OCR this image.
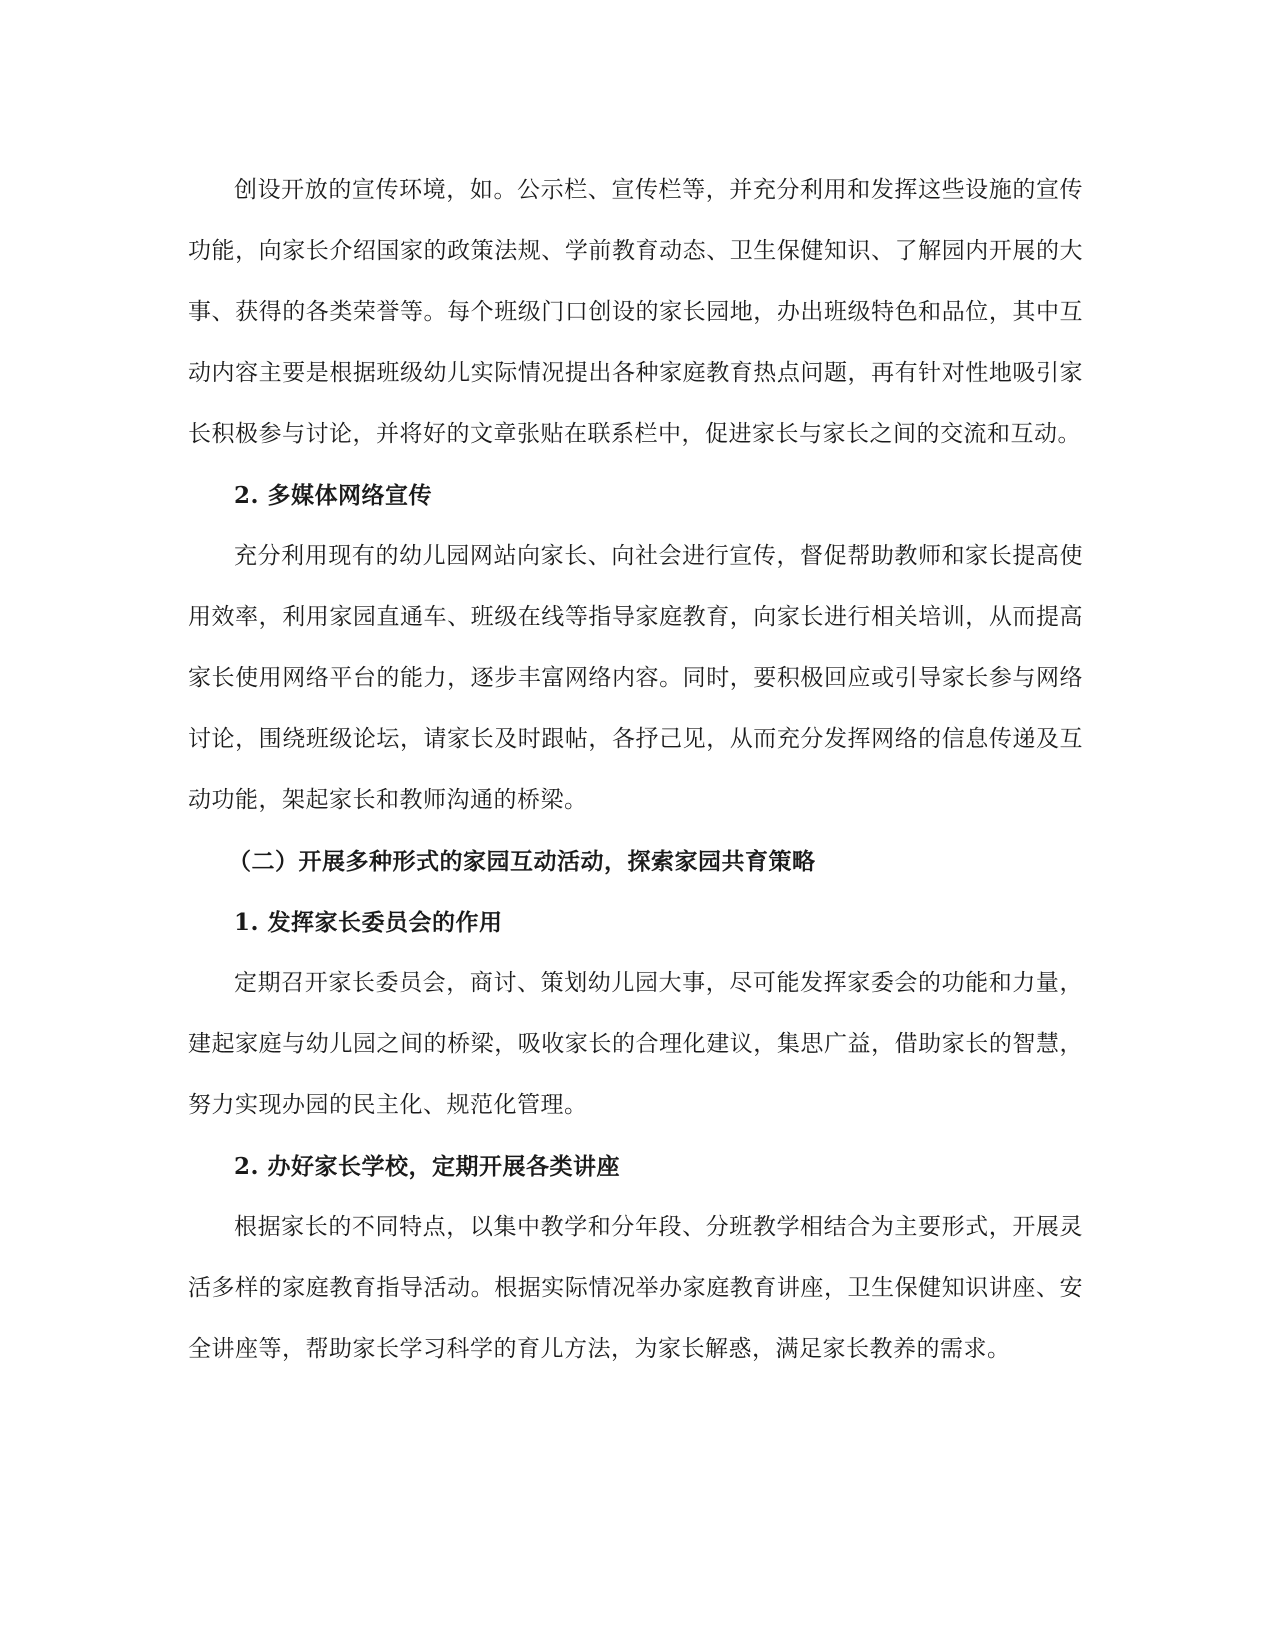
创设开放的宣传环境，如。公示栏、宣传栏等，并充分利用和发挥这些设施的宣传功能，向家长介绍国家的政策法规、学前教育动态、卫生保健知识、了解园内开展的大事、获得的各类荣誉等。每个班级门口创设的家长园地，办出班级特色和品位，其中互动内容主要是根据班级幼儿实际情况提出各种家庭教育热点问题，再有针对性地吸引家长积极参与讨论，并将好的文章张贴在联系栏中，促进家长与家长之间的交流和互动。

2. 多媒体网络宣传

充分利用现有的幼儿园网站向家长、向社会进行宣传，督促帮助教师和家长提高使用效率，利用家园直通车、班级在线等指导家庭教育，向家长进行相关培训，从而提高家长使用网络平台的能力，逐步丰富网络内容。同时，要积极回应或引导家长参与网络讨论，围绕班级论坛，请家长及时跟帖，各抒己见，从而充分发挥网络的信息传递及互动功能，架起家长和教师沟通的桥梁。

（二）开展多种形式的家园互动活动，探索家园共育策略

1. 发挥家长委员会的作用

定期召开家长委员会，商讨、策划幼儿园大事，尽可能发挥家委会的功能和力量，建起家庭与幼儿园之间的桥梁，吸收家长的合理化建议，集思广益，借助家长的智慧，努力实现办园的民主化、规范化管理。

2. 办好家长学校，定期开展各类讲座

根据家长的不同特点，以集中教学和分年段、分班教学相结合为主要形式，开展灵活多样的家庭教育指导活动。根据实际情况举办家庭教育讲座，卫生保健知识讲座、安全讲座等，帮助家长学习科学的育儿方法，为家长解惑，满足家长教养的需求。
